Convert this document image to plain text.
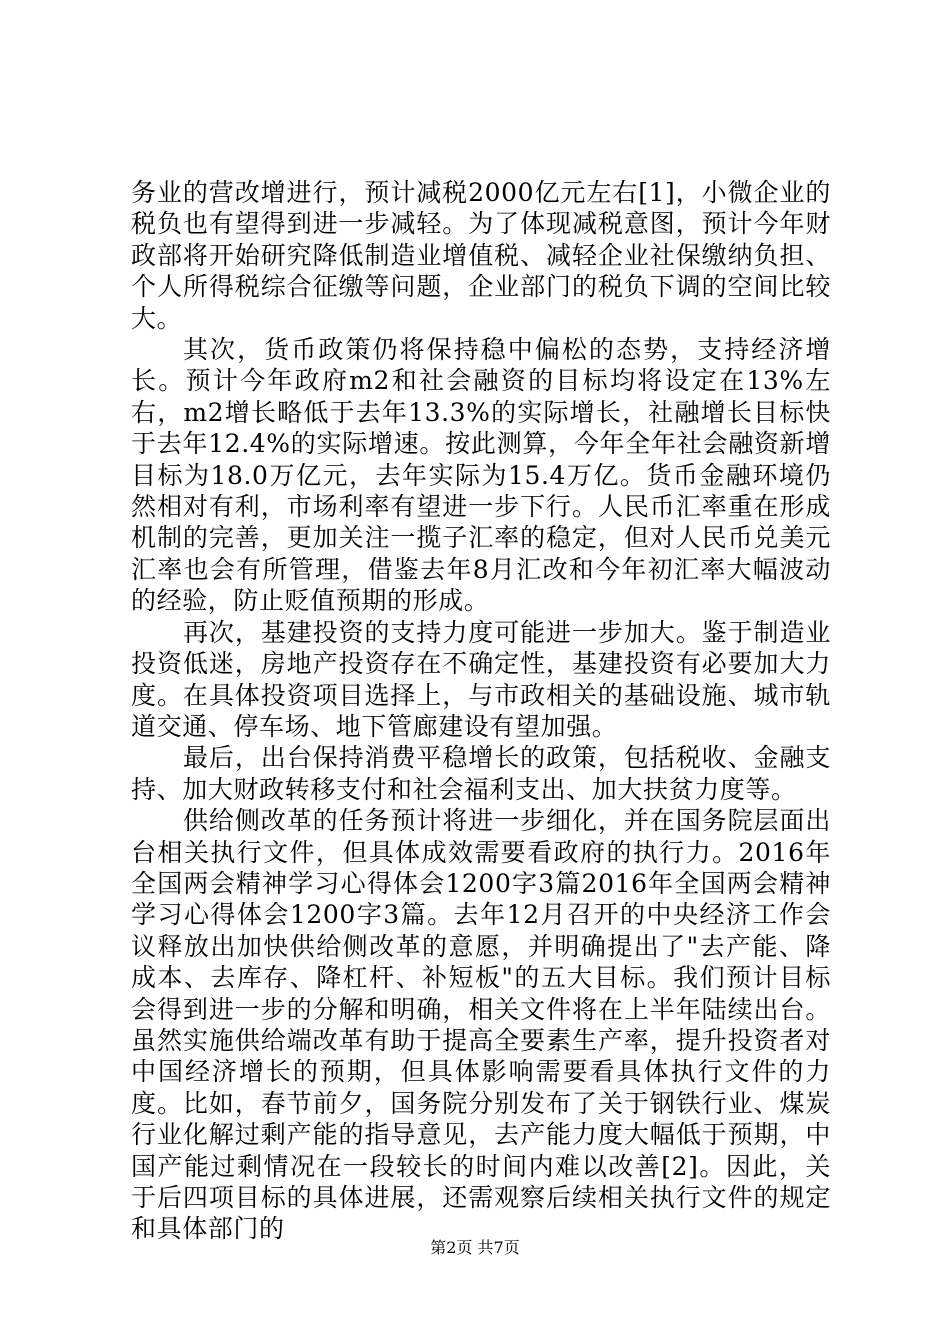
务业的营改增进行，预计减税2000亿元左右[1]，小微企业的税负也有望得到进一步减轻。为了体现减税意图，预计今年财政部将开始研究降低制造业增值税、减轻企业社保缴纳负担、个人所得税综合征缴等问题，企业部门的税负下调的空间比较大。

其次，货币政策仍将保持稳中偏松的态势，支持经济增长。预计今年政府m2和社会融资的目标均将设定在13%左右，m2增长略低于去年13.3%的实际增长，社融增长目标快于去年12.4%的实际增速。按此测算，今年全年社会融资新增目标为18.0万亿元，去年实际为15.4万亿。货币金融环境仍然相对有利，市场利率有望进一步下行。人民币汇率重在形成机制的完善，更加关注一揽子汇率的稳定，但对人民币兑美元汇率也会有所管理，借鉴去年8月汇改和今年初汇率大幅波动的经验，防止贬值预期的形成。

再次，基建投资的支持力度可能进一步加大。鉴于制造业投资低迷，房地产投资存在不确定性，基建投资有必要加大力度。在具体投资项目选择上，与市政相关的基础设施、城市轨道交通、停车场、地下管廊建设有望加强。

最后，出台保持消费平稳增长的政策，包括税收、金融支持、加大财政转移支付和社会福利支出、加大扶贫力度等。

供给侧改革的任务预计将进一步细化，并在国务院层面出台相关执行文件，但具体成效需要看政府的执行力。2016年全国两会精神学习心得体会1200字3篇2016年全国两会精神学习心得体会1200字3篇。去年12月召开的中央经济工作会议释放出加快供给侧改革的意愿，并明确提出了"去产能、降成本、去库存、降杠杆、补短板"的五大目标。我们预计目标会得到进一步的分解和明确，相关文件将在上半年陆续出台。虽然实施供给端改革有助于提高全要素生产率，提升投资者对中国经济增长的预期，但具体影响需要看具体执行文件的力度。比如，春节前夕，国务院分别发布了关于钢铁行业、煤炭行业化解过剩产能的指导意见，去产能力度大幅低于预期，中国产能过剩情况在一段较长的时间内难以改善[2]。因此，关于后四项目标的具体进展，还需观察后续相关执行文件的规定和具体部门的

第2页 共7页
